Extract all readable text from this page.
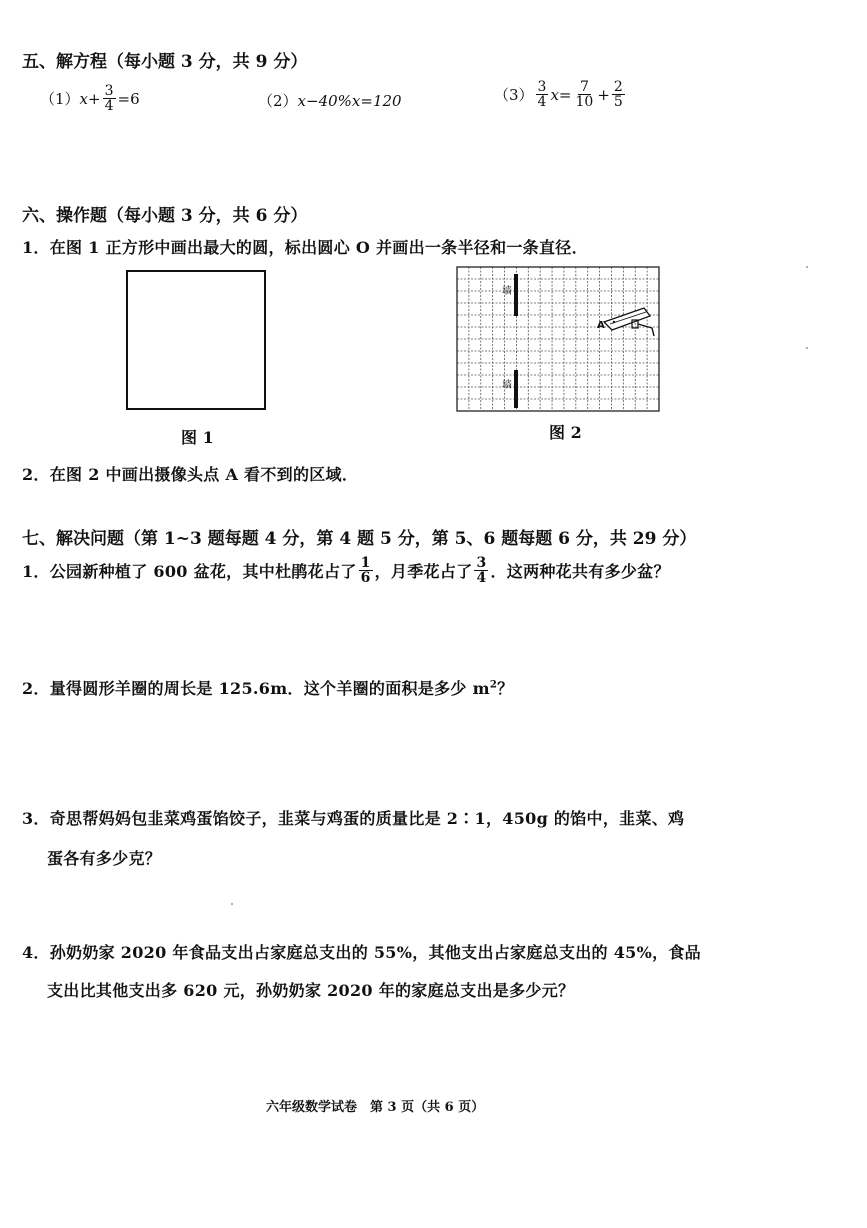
五、解方程（每小题 3 分，共 9 分）
（1） $x+ \frac{3}{4} =6$	（2） x−40%x=120	$(3) \frac{3}{4} x= \frac{7}{10} + \frac{2}{5}$
六、操作题（每小题 3 分，共 6 分）
1．在图 1 正方形中画出最大的圆，标出圆心 O 并画出一条半径和一条直径．
图 1
墙
墙
A
图 2
2．在图 2 中画出摄像头点 A 看不到的区域．
七、解决问题（第 1~3 题每题 4 分，第 4 题 5 分，第 5、6 题每题 6 分，共 29 分）
1．公园新种植了 600 盆花，其中杜鹃花占了 $\frac{1}{6}$ ，月季花占了 $\frac{3}{4}$ ．这两种花共有多少盆？
2．量得圆形羊圈的周长是 125.6m．这个羊圈的面积是多少 $m^2$？
3．奇思帮妈妈包韭菜鸡蛋馅饺子，韭菜与鸡蛋的质量比是 2∶1，450g 的馅中，韭菜、鸡
蛋各有多少克？
4．孙奶奶家 2020 年食品支出占家庭总支出的 55%，其他支出占家庭总支出的 45%，食品
支出比其他支出多 620 元，孙奶奶家 2020 年的家庭总支出是多少元？
六年级数学试卷　第 3 页（共 6 页）
